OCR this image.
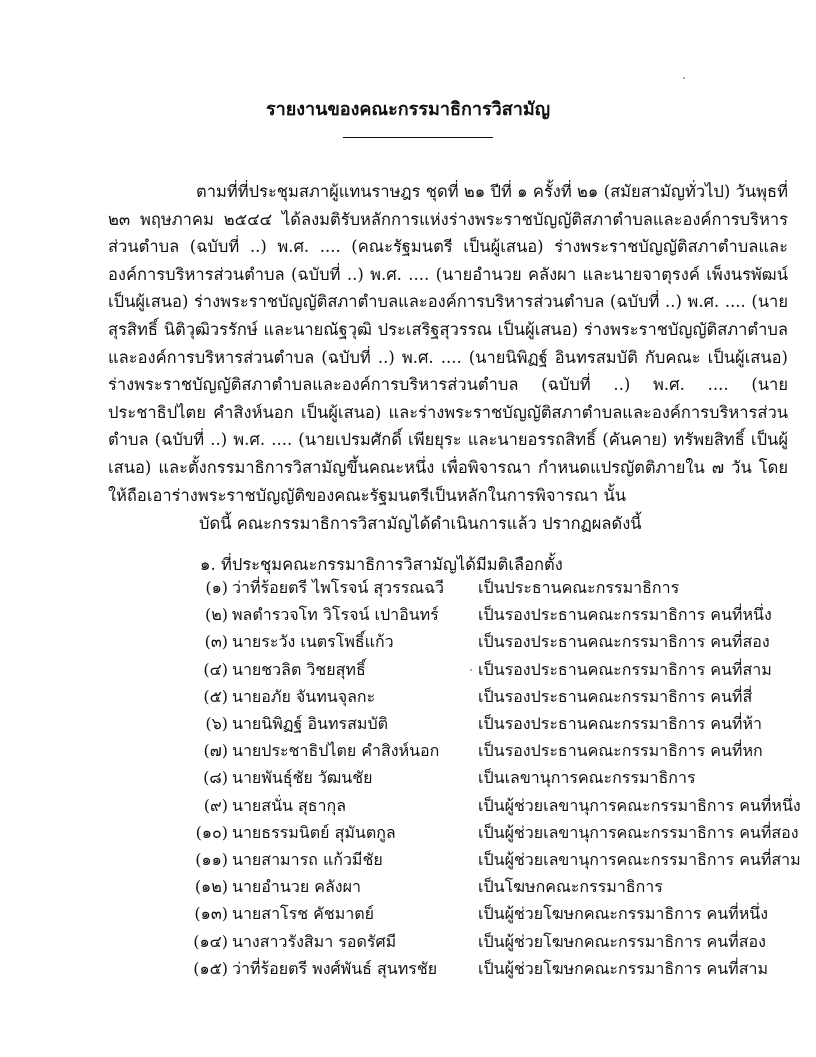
รายงานของคณะกรรมาธิการวิสามัญ

ตามที่ที่ประชุมสภาผู้แทนราษฎร ชุดที่ ๒๑ ปีที่ ๑ ครั้งที่ ๒๑ (สมัยสามัญทั่วไป) วันพุธที่ ๒๓ พฤษภาคม ๒๕๔๔ ได้ลงมติรับหลักการแห่งร่างพระราชบัญญัติสภาตำบลและองค์การบริหารส่วนตำบล (ฉบับที่ ..) พ.ศ. .... (คณะรัฐมนตรี เป็นผู้เสนอ) ร่างพระราชบัญญัติสภาตำบลและองค์การบริหารส่วนตำบล (ฉบับที่ ..) พ.ศ. .... (นายอำนวย คลังผา และนายจาตุรงค์ เพ็งนรพัฒน์ เป็นผู้เสนอ) ร่างพระราชบัญญัติสภาตำบลและองค์การบริหารส่วนตำบล (ฉบับที่ ..) พ.ศ. .... (นายสุรสิทธิ์ นิติวุฒิวรรักษ์ และนายณัฐวุฒิ ประเสริฐสุวรรณ เป็นผู้เสนอ) ร่างพระราชบัญญัติสภาตำบลและองค์การบริหารส่วนตำบล (ฉบับที่ ..) พ.ศ. .... (นายนิพิฏฐ์ อินทรสมบัติ กับคณะ เป็นผู้เสนอ) ร่างพระราชบัญญัติสภาตำบลและองค์การบริหารส่วนตำบล (ฉบับที่ ..) พ.ศ. .... (นายประชาธิปไตย คำสิงห์นอก เป็นผู้เสนอ) และร่างพระราชบัญญัติสภาตำบลและองค์การบริหารส่วนตำบล (ฉบับที่ ..) พ.ศ. .... (นายเปรมศักดิ์ เพียยุระ และนายอรรถสิทธิ์ (คันคาย) ทรัพยสิทธิ์ เป็นผู้เสนอ) และตั้งกรรมาธิการวิสามัญขึ้นคณะหนึ่ง เพื่อพิจารณา กำหนดแปรญัตติภายใน ๗ วัน โดยให้ถือเอาร่างพระราชบัญญัติของคณะรัฐมนตรีเป็นหลักในการพิจารณา นั้น

บัดนี้ คณะกรรมาธิการวิสามัญได้ดำเนินการแล้ว ปรากฏผลดังนี้
๑. ที่ประชุมคณะกรรมาธิการวิสามัญได้มีมติเลือกตั้ง
(๑) ว่าที่ร้อยตรี ไพโรจน์ สุวรรณฉวี เป็นประธานคณะกรรมาธิการ
(๒) พลตำรวจโท วิโรจน์ เปาอินทร์ เป็นรองประธานคณะกรรมาธิการ คนที่หนึ่ง
(๓) นายระวัง เนตรโพธิ์แก้ว	เป็นรองประธานคณะกรรมาธิการ คนที่สอง
(๔) นายชวลิต วิชยสุทธิ์	เป็นรองประธานคณะกรรมาธิการ คนที่สาม
(๕) นายอภัย จันทนจุลกะ	เป็นรองประธานคณะกรรมาธิการ คนที่สี่
(๖) นายนิพิฏฐ์ อินทรสมบัติ	เป็นรองประธานคณะกรรมาธิการ คนที่ห้า
(๗) นายประชาธิปไตย คำสิงห์นอก เป็นรองประธานคณะกรรมาธิการ คนที่หก
(๘) นายพันธุ์ชัย วัฒนชัย	เป็นเลขานุการคณะกรรมาธิการ
(๙) นายสนั่น สุธากุล	เป็นผู้ช่วยเลขานุการคณะกรรมาธิการ คนที่หนึ่ง
(๑๐) นายธรรมนิตย์ สุมันตกูล	เป็นผู้ช่วยเลขานุการคณะกรรมาธิการ คนที่สอง
(๑๑) นายสามารถ แก้วมีชัย	เป็นผู้ช่วยเลขานุการคณะกรรมาธิการ คนที่สาม
(๑๒) นายอำนวย คลังผา	เป็นโฆษกคณะกรรมาธิการ
(๑๓) นายสาโรช คัชมาตย์	เป็นผู้ช่วยโฆษกคณะกรรมาธิการ คนที่หนึ่ง
(๑๔) นางสาวรังสิมา รอดรัศมี	เป็นผู้ช่วยโฆษกคณะกรรมาธิการ คนที่สอง
(๑๕) ว่าที่ร้อยตรี พงศ์พันธ์ สุนทรชัย	เป็นผู้ช่วยโฆษกคณะกรรมาธิการ คนที่สาม
